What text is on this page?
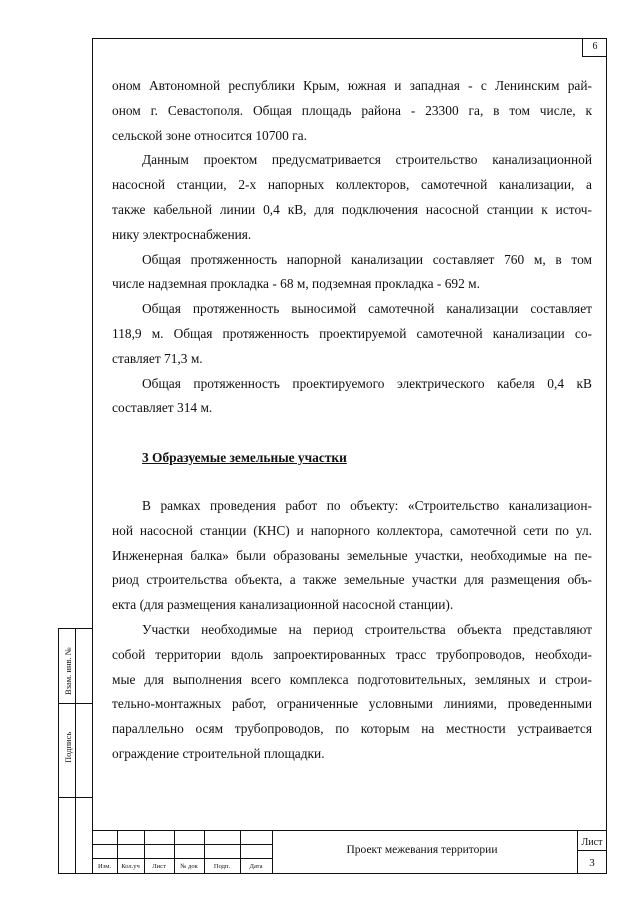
6

оном Автономной республики Крым, южная и западная - с Ленинским рай-
оном г. Севастополя. Общая площадь района - 23300 га, в том числе, к
сельской зоне относится 10700 га.

Данным проектом предусматривается строительство канализационной
насосной станции, 2-х напорных коллекторов, самотечной канализации, а
также кабельной линии 0,4 кВ, для подключения насосной станции к источ-
нику электроснабжения.

Общая протяженность напорной канализации составляет 760 м, в том
числе надземная прокладка - 68 м, подземная прокладка - 692 м.

Общая протяженность выносимой самотечной канализации составляет
118,9 м. Общая протяженность проектируемой самотечной канализации со-
ставляет 71,3 м.

Общая протяженность проектируемого электрического кабеля 0,4 кВ
составляет 314 м.

3 Образуемые земельные участки

В рамках проведения работ по объекту: «Строительство канализацион-
ной насосной станции (КНС) и напорного коллектора, самотечной сети по ул.
Инженерная балка» были образованы земельные участки, необходимые на пе-
риод строительства объекта, а также земельные участки для размещения объ-
екта (для размещения канализационной насосной станции).

Участки необходимые на период строительства объекта представляют
собой территории вдоль запроектированных трасс трубопроводов, необходи-
мые для выполнения всего комплекса подготовительных, земляных и строи-
тельно-монтажных работ, ограниченные условными линиями, проведенными
параллельно осям трубопроводов, по которым на местности устраивается
ограждение строительной площадки.

Взам. инв. №
Подпись
Изм.	Кол.уч	Лист	№ док	Подп.	Дата
Проект межевания территории
Лист
3
